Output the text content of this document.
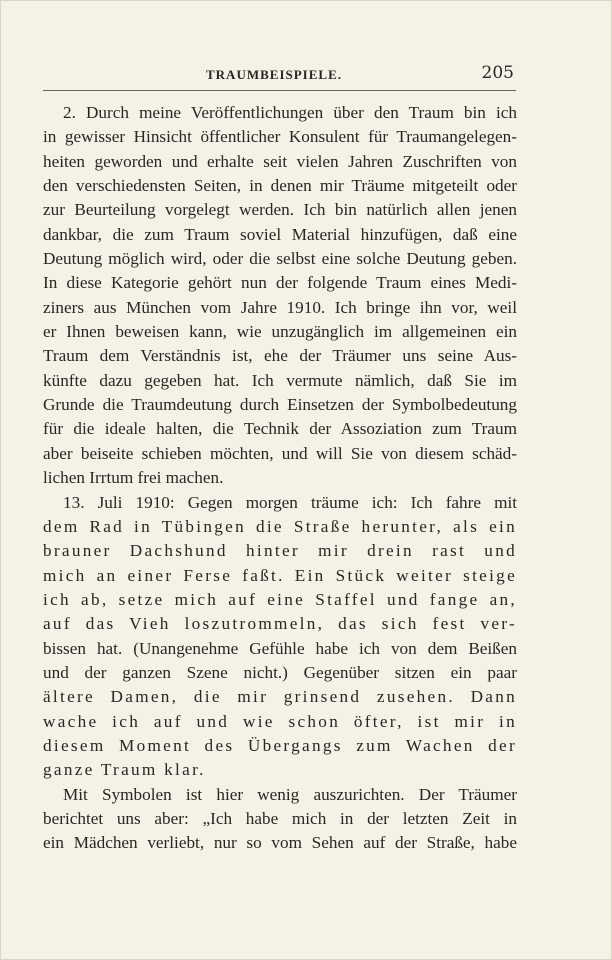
TRAUMBEISPIELE.	205
2. Durch meine Veröffentlichungen über den Traum bin ich
in gewisser Hinsicht öffentlicher Konsulent für Traumangelegen-
heiten geworden und erhalte seit vielen Jahren Zuschriften von
den verschiedensten Seiten, in denen mir Träume mitgeteilt oder
zur Beurteilung vorgelegt werden. Ich bin natürlich allen jenen
dankbar, die zum Traum soviel Material hinzufügen, daß eine
Deutung möglich wird, oder die selbst eine solche Deutung geben.
In diese Kategorie gehört nun der folgende Traum eines Medi-
ziners aus München vom Jahre 1910. Ich bringe ihn vor, weil
er Ihnen beweisen kann, wie unzugänglich im allgemeinen ein
Traum dem Verständnis ist, ehe der Träumer uns seine Aus-
künfte dazu gegeben hat. Ich vermute nämlich, daß Sie im
Grunde die Traumdeutung durch Einsetzen der Symbolbedeutung
für die ideale halten, die Technik der Assoziation zum Traum
aber beiseite schieben möchten, und will Sie von diesem schäd-
lichen Irrtum frei machen.
13. Juli 1910: Gegen morgen träume ich: Ich fahre mit
dem Rad in Tübingen die Straße herunter, als ein
brauner Dachshund hinter mir drein rast und
mich an einer Ferse faßt. Ein Stück weiter steige
ich ab, setze mich auf eine Staffel und fange an,
auf das Vieh loszutrommeln, das sich fest ver-
bissen hat. (Unangenehme Gefühle habe ich von dem Beißen
und der ganzen Szene nicht.) Gegenüber sitzen ein paar
ältere Damen, die mir grinsend zusehen. Dann
wache ich auf und wie schon öfter, ist mir in
diesem Moment des Übergangs zum Wachen der
ganze Traum klar.
Mit Symbolen ist hier wenig auszurichten. Der Träumer
berichtet uns aber: „Ich habe mich in der letzten Zeit in
ein Mädchen verliebt, nur so vom Sehen auf der Straße, habe
